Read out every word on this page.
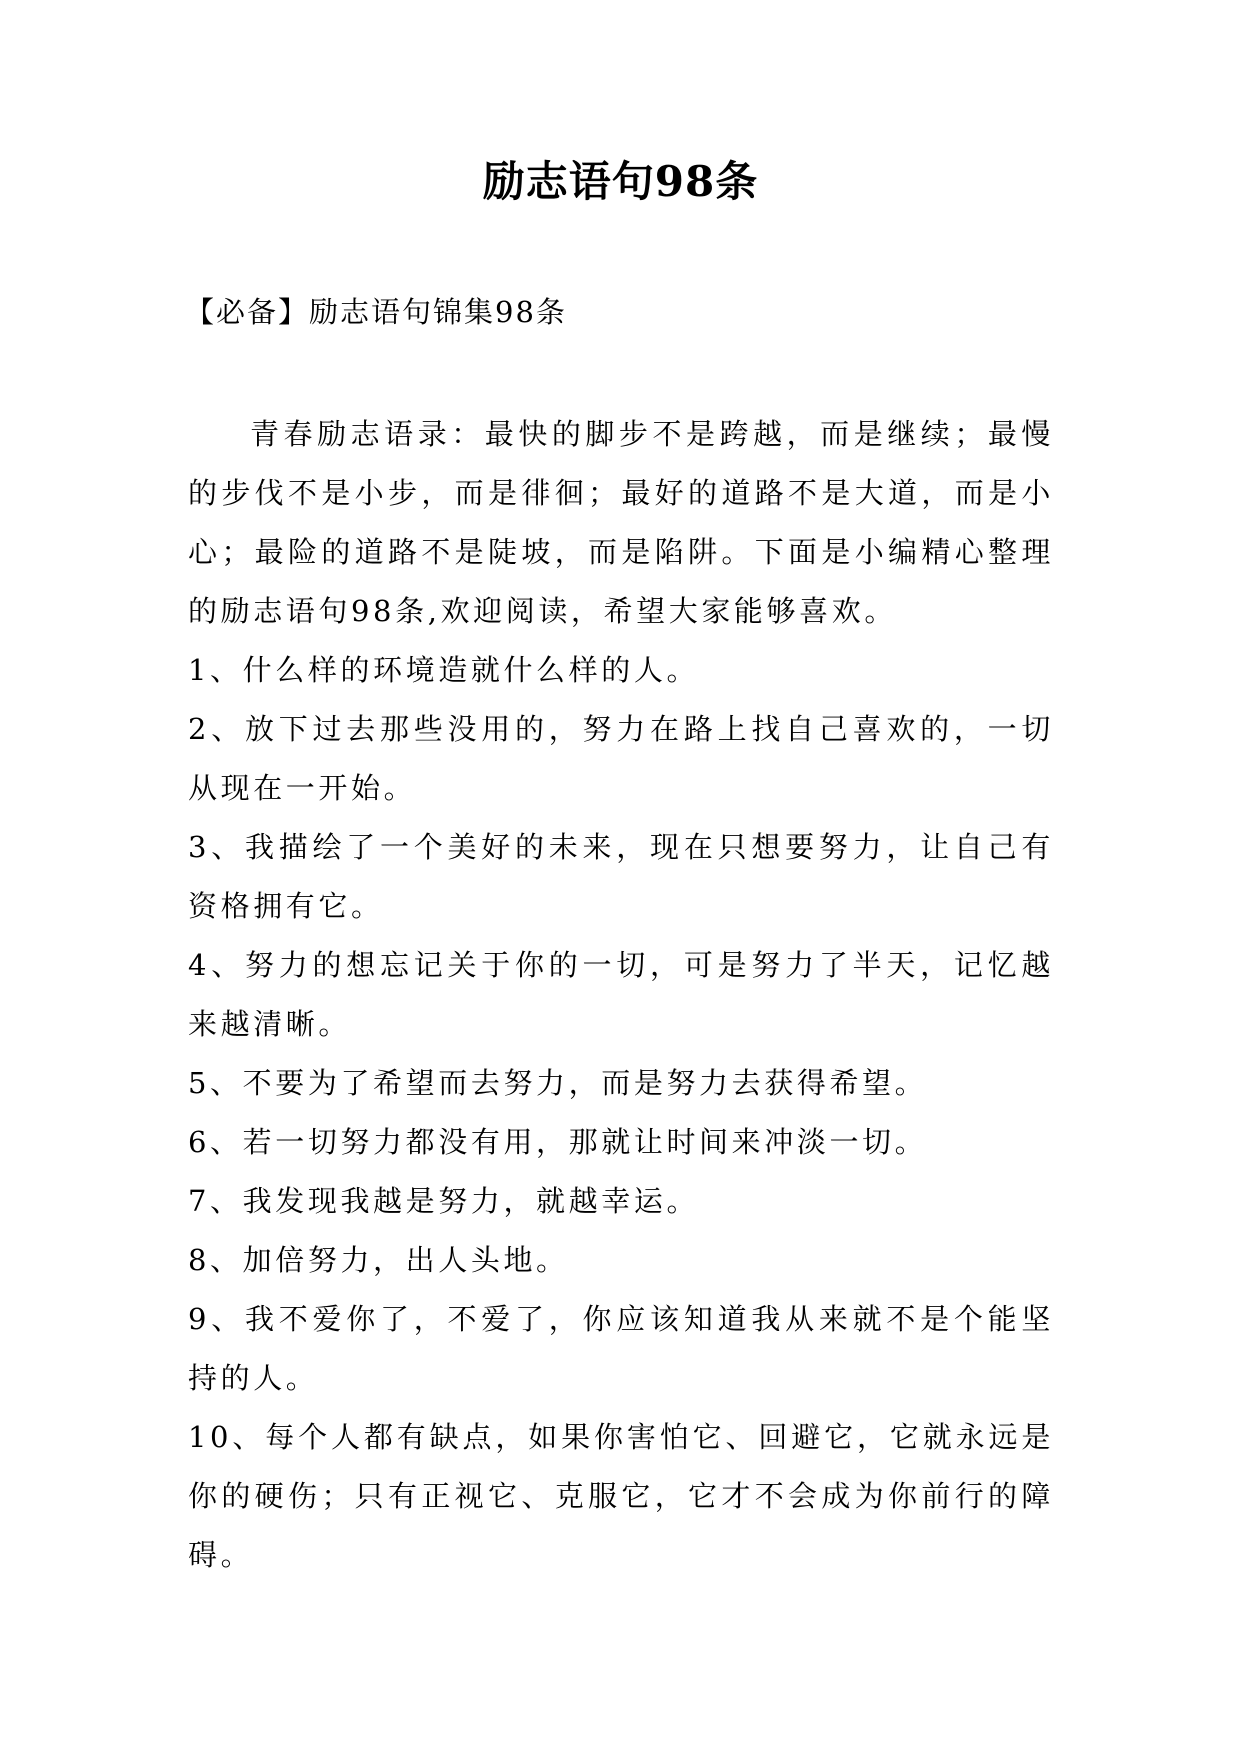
励志语句98条
【必备】励志语句锦集98条

青春励志语录：最快的脚步不是跨越，而是继续；最慢的步伐不是小步，而是徘徊；最好的道路不是大道，而是小心；最险的道路不是陡坡，而是陷阱。下面是小编精心整理的励志语句98条,欢迎阅读，希望大家能够喜欢。

1、什么样的环境造就什么样的人。

2、放下过去那些没用的，努力在路上找自己喜欢的，一切从现在一开始。

3、我描绘了一个美好的未来，现在只想要努力，让自己有资格拥有它。

4、努力的想忘记关于你的一切，可是努力了半天，记忆越来越清晰。

5、不要为了希望而去努力，而是努力去获得希望。

6、若一切努力都没有用，那就让时间来冲淡一切。

7、我发现我越是努力，就越幸运。

8、加倍努力，出人头地。

9、我不爱你了，不爱了，你应该知道我从来就不是个能坚持的人。

10、每个人都有缺点，如果你害怕它、回避它，它就永远是你的硬伤；只有正视它、克服它，它才不会成为你前行的障碍。
